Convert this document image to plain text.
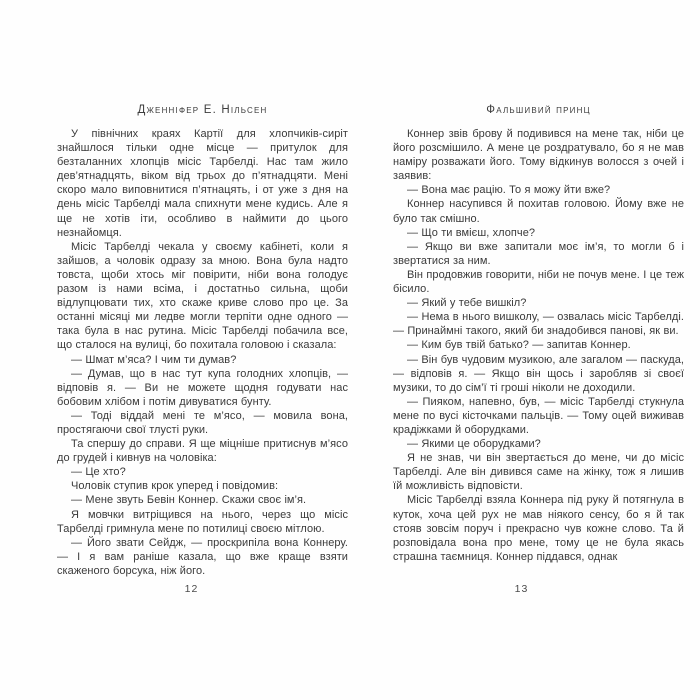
Дженніфер Е. Нільсен

У північних краях Картії для хлопчиків-сиріт знайшлося тільки одне місце — притулок для безталанних хлопців місіс Тарбелді. Нас там жило дев’ятнадцять, віком від трьох до п’ятнадцяти. Мені скоро мало виповнитися п’ятнацять, і от уже з дня на день місіс Тарбелді мала спихнути мене кудись. Але я ще не хотів іти, особливо в наймити до цього незнайомця.

Місіс Тарбелді чекала у своєму кабінеті, коли я зайшов, а чоловік одразу за мною. Вона була надто товста, щоби хтось міг повірити, ніби вона голодує разом із нами всіма, і достатньо сильна, щоби відлупцювати тих, хто скаже криве слово про це. За останні місяці ми ледве могли терпіти одне одного — така була в нас рутина. Місіс Тарбелді побачила все, що сталося на вулиці, бо похитала головою і сказала:

— Шмат м’яса? І чим ти думав?

— Думав, що в нас тут купа голодних хлопців, — відповів я. — Ви не можете щодня годувати нас бобовим хлібом і потім дивуватися бунту.

— Тоді віддай мені те м’ясо, — мовила вона, простягаючи свої тлусті руки.

Та спершу до справи. Я ще міцніше притиснув м’ясо до грудей і кивнув на чоловіка:

— Це хто?

Чоловік ступив крок уперед і повідомив:

— Мене звуть Бевін Коннер. Скажи своє ім’я.

Я мовчки витріщився на нього, через що місіс Тарбелді гримнула мене по потилиці своєю мітлою.

— Його звати Сейдж, — проскрипіла вона Коннеру. — І я вам раніше казала, що вже краще взяти скаженого борсука, ніж його.

Фальшивий принц

Коннер звів брову й подивився на мене так, ніби це його розсмішило. А мене це роздратувало, бо я не мав наміру розважати його. Тому відкинув волосся з очей і заявив:

— Вона має рацію. То я можу йти вже?

Коннер насупився й похитав головою. Йому вже не було так смішно.

— Що ти вмієш, хлопче?

— Якщо ви вже запитали моє ім’я, то могли б і звертатися за ним.

Він продовжив говорити, ніби не почув мене. І це теж бісило.

— Який у тебе вишкіл?

— Нема в нього вишколу, — озвалась місіс Тарбелді. — Принаймні такого, який би знадобився панові, як ви.

— Ким був твій батько? — запитав Коннер.

— Він був чудовим музикою, але загалом — паскуда, — відповів я. — Якщо він щось і заробляв зі своєї музики, то до сім’ї ті гроші ніколи не доходили.

— Пияком, напевно, був, — місіс Тарбелді стукнула мене по вусі кісточками пальців. — Тому оцей виживав крадіжками й оборудками.

— Якими це оборудками?

Я не знав, чи він звертається до мене, чи до місіс Тарбелді. Але він дивився саме на жінку, тож я лишив їй можливість відповісти.

Місіс Тарбелді взяла Коннера під руку й потягнула в куток, хоча цей рух не мав ніякого сенсу, бо я й так стояв зовсім поруч і прекрасно чув кожне слово. Та й розповідала вона про мене, тому це не була якась страшна таємниця. Коннер піддався, однак

12	13
